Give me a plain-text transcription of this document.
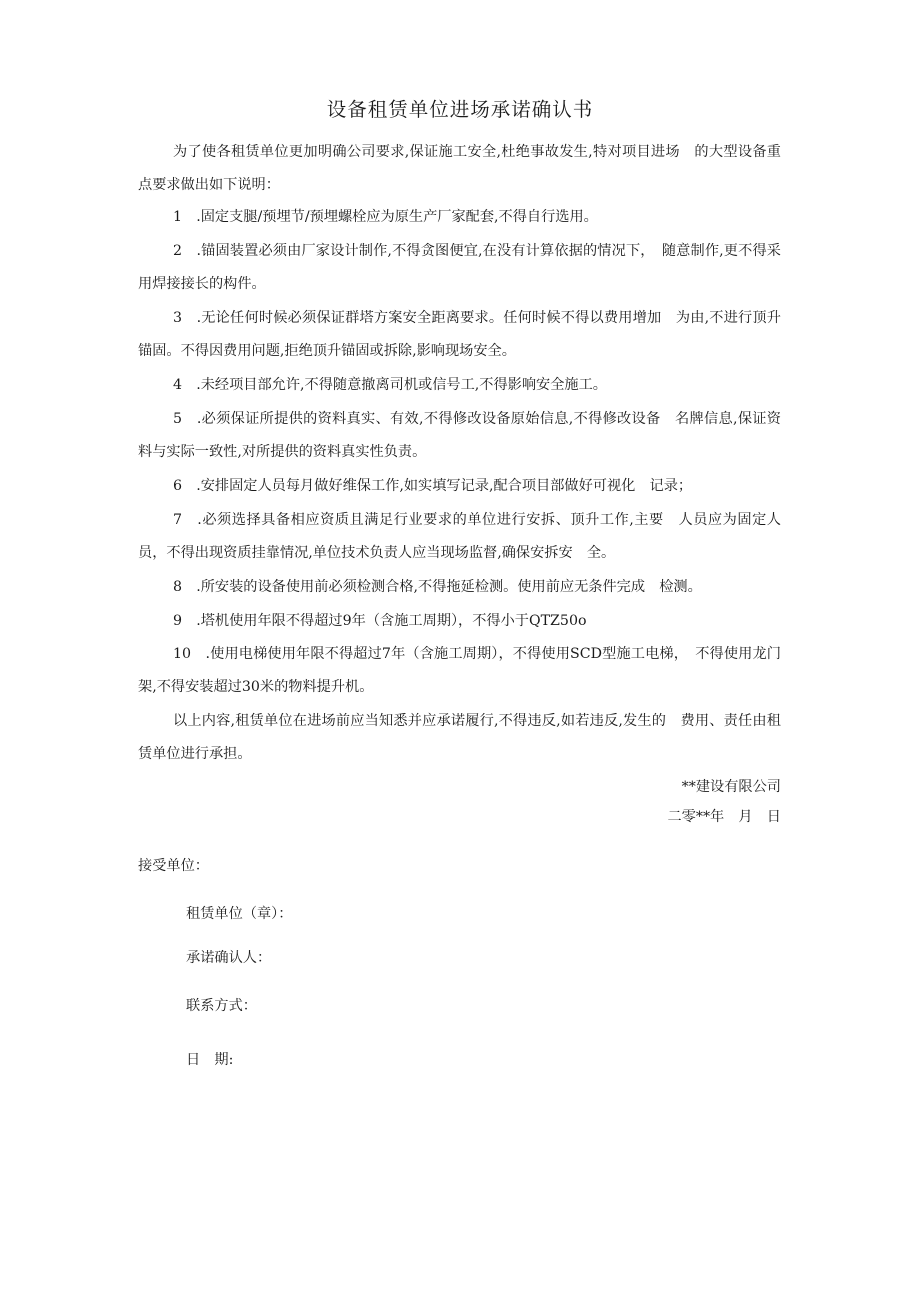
设备租赁单位进场承诺确认书

为了使各租赁单位更加明确公司要求,保证施工安全,杜绝事故发生,特对项目进场　的大型设备重点要求做出如下说明：

1　.固定支腿/预埋节/预埋螺栓应为原生产厂家配套,不得自行选用。

2　.锚固装置必须由厂家设计制作,不得贪图便宜,在没有计算依据的情况下，　随意制作,更不得采用焊接接长的构件。

3　.无论任何时候必须保证群塔方案安全距离要求。任何时候不得以费用增加　为由,不进行顶升锚固。不得因费用问题,拒绝顶升锚固或拆除,影响现场安全。

4　.未经项目部允许,不得随意撤离司机或信号工,不得影响安全施工。

5　.必须保证所提供的资料真实、有效,不得修改设备原始信息,不得修改设备　名牌信息,保证资料与实际一致性,对所提供的资料真实性负责。

6　.安排固定人员每月做好维保工作,如实填写记录,配合项目部做好可视化　记录；

7　.必须选择具备相应资质且满足行业要求的单位进行安拆、顶升工作,主要　人员应为固定人员，不得出现资质挂靠情况,单位技术负责人应当现场监督,确保安拆安　全。

8　.所安装的设备使用前必须检测合格,不得拖延检测。使用前应无条件完成　检测。

9　.塔机使用年限不得超过9年（含施工周期），不得小于QTZ50o

10　.使用电梯使用年限不得超过7年（含施工周期），不得使用SCD型施工电梯，　不得使用龙门架,不得安装超过30米的物料提升机。

以上内容,租赁单位在进场前应当知悉并应承诺履行,不得违反,如若违反,发生的　费用、责任由租赁单位进行承担。

**建设有限公司
二零**年　月　日
接受单位：
租赁单位（章）：
承诺确认人：
联系方式：
日　期:
